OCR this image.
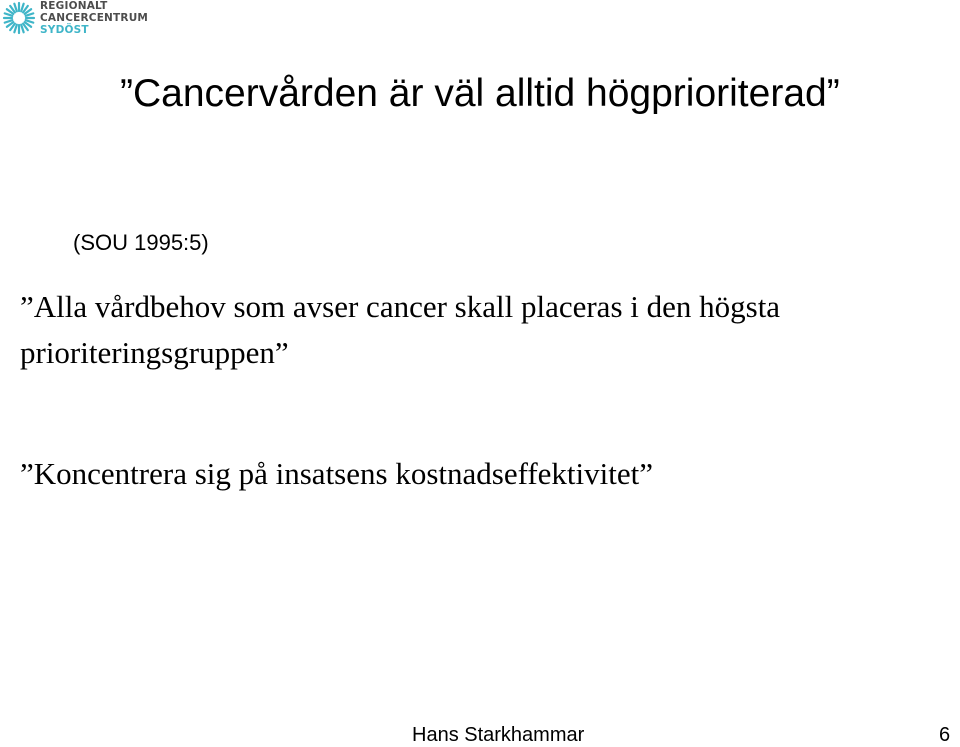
REGIONALT
CANCERCENTRUM
SYDÖST
”Cancervården är väl alltid högprioriterad”
(SOU 1995:5)

”Alla vårdbehov som avser cancer skall placeras i den högsta prioriteringsgruppen”

”Koncentrera sig på insatsens kostnadseffektivitet”

Hans Starkhammar	6
